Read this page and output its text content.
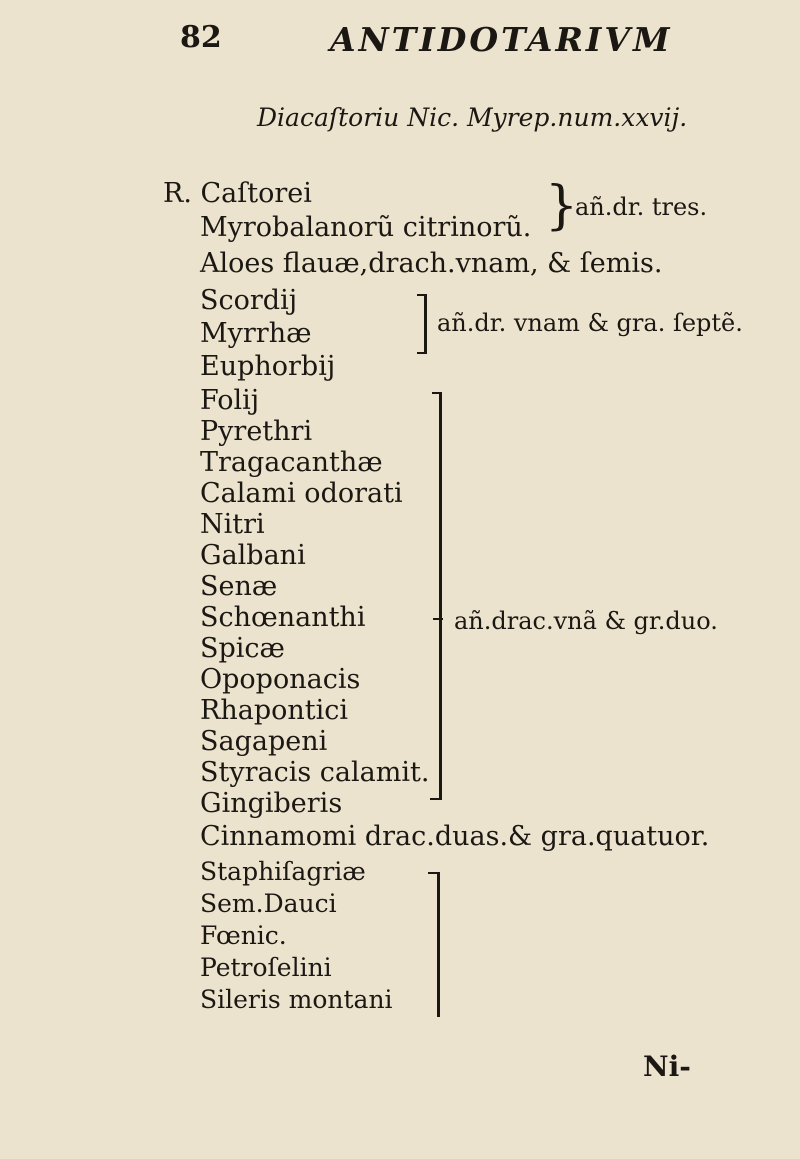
82	ANTIDOTARIVM
Diacaſtoriu Nic. Myrep.num.xxvij.
R. Caſtorei
Myrobalanorũ citrinorũ. }
añ.dr. tres.
Aloes flauæ,drach.vnam, & ſemis.
Scordij
Myrrhæ
Euphorbij
añ.dr. vnam & gra. ſeptẽ.
Folij
Pyrethri
Tragacanthæ
Calami odorati
Nitri
Galbani
Senæ
Schœnanthi
Spicæ
Opoponacis
Rhapontici
Sagapeni
Styracis calamit.
Gingiberis
añ.drac.vnã & gr.duo.
Cinnamomi drac.duas.& gra.quatuor.
Staphiſagriæ
Sem.Dauci
Fœnic.
Petroſelini
Sileris montani
Ni-
